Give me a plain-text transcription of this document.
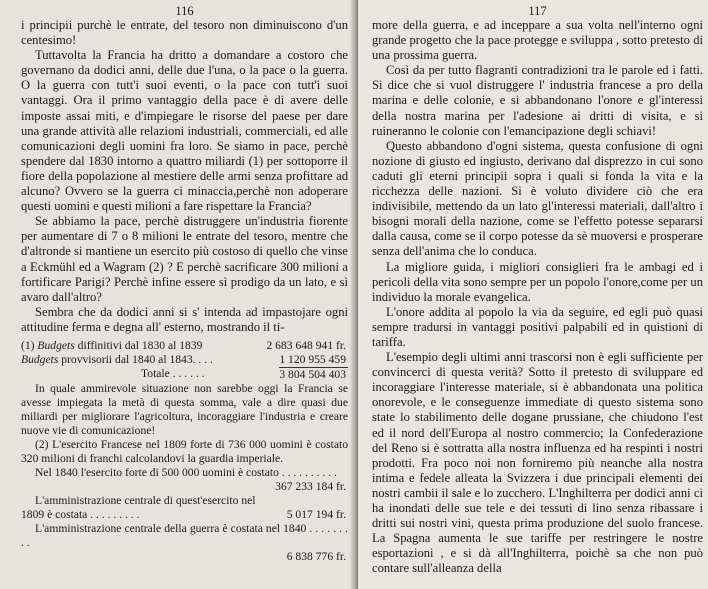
116

i principii purchè le entrate, del tesoro non diminuiscono d'un centesimo!

Tuttavolta la Francia ha dritto a domandare a costoro che governano da dodici anni, delle due l'una, o la pace o la guerra. O la guerra con tutt'i suoi eventi, o la pace con tutt'i suoi vantaggi. Ora il primo vantaggio della pace è di avere delle imposte assai miti, e d'impiegare le risorse del paese per dare una grande attività alle relazioni industriali, commerciali, ed alle comunicazioni degli uomini fra loro. Se siamo in pace, perchè spendere dal 1830 intorno a quattro miliardi (1) per sottoporre il fiore della popolazione al mestiere delle armi senza profittare ad alcuno? Ovvero se la guerra ci minaccia,perchè non adoperare questi uomini e questi milioni a fare rispettare la Francia?

Se abbiamo la pace, perchè distruggere un'industria fiorente per aumentare di 7 o 8 milioni le entrate del tesoro, mentre che d'altronde si mantiene un esercito più costoso di quello che vinse a Eckmühl ed a Wagram (2) ? E perchè sacrificare 300 milioni a fortificare Parigi? Perchè infine essere sì prodigo da un lato, e sì avaro dall'altro?

Sembra che da dodici anni si s' intenda ad impastojare ogni attitudine ferma e degna all' esterno, mostrando il ti-

(1) Budgets diffinitivi dal 1830 al 1839	2 683 648 941 fr.
Budgets provvisorii dal 1840 al 1843. . . .	1 120 955 459
Totale . . . . . .	3 804 504 403

In quale ammirevole situazione non sarebbe oggi la Francia se avesse impiegata la metà di questa somma, vale a dire quasi due miliardi per migliorare l'agricoltura, incoraggiare l'industria e creare nuove vie di comunicazione!

(2) L'esercito Francese nel 1809 forte di 736 000 uomini è costato 320 milioni di franchi calcolandovi la guardia imperiale.

Nel 1840 l'esercito forte di 500 000 uomini è costato . . . . . . . . . .
367 233 184 fr.

L'amministrazione centrale di quest'esercito nel

1809 è costata . . . . . . . . .	5 017 194 fr.

L'amministrazione centrale della guerra è costata nel 1840 . . . . . . . . .

6 838 776 fr.
117

more della guerra, e ad inceppare a sua volta nell'interno ogni grande progetto che la pace protegge e sviluppa , sotto pretesto di una prossima guerra.

Così da per tutto flagranti contradizioni tra le parole ed i fatti. Si dice che si vuol distruggere l' industria francese a pro della marina e delle colonie, e si abbandonano l'onore e gl'interessi della nostra marina per l'adesione ai dritti di visita, e si ruineranno le colonie con l'emancipazione degli schiavi!

Questo abbandono d'ogni sistema, questa confusione di ogni nozione di giusto ed ingiusto, derivano dal disprezzo in cui sono caduti gli eterni principii sopra i quali si fonda la vita e la ricchezza delle nazioni. Si è voluto dividere ciò che era indivisibile, mettendo da un lato gl'interessi materiali, dall'altro i bisogni morali della nazione, come se l'effetto potesse separarsi dalla causa, come se il corpo potesse da sè muoversi e prosperare senza dell'anima che lo conduca.

La migliore guida, i migliori consiglieri fra le ambagi ed i pericoli della vita sono sempre per un popolo l'onore,come per un individuo la morale evangelica.

L'onore addita al popolo la via da seguire, ed egli può quasi sempre tradursi in vantaggi positivi palpabili ed in quistioni di tariffa.

L'esempio degli ultimi anni trascorsi non è egli sufficiente per convincerci di questa verità? Sotto il pretesto di sviluppare ed incoraggiare l'interesse materiale, si è abbandonata una politica onorevole, e le conseguenze immediate di questo sistema sono state lo stabilimento delle dogane prussiane, che chiudono l'est ed il nord dell'Europa al nostro commercio; la Confederazione del Reno si è sottratta alla nostra influenza ed ha respinti i nostri prodotti. Fra poco noi non forniremo più neanche alla nostra intima e fedele alleata la Svizzera i due principali elementi dei nostri cambii il sale e lo zucchero. L'Inghilterra per dodici anni ci ha inondati delle sue tele e dei tessuti di lino senza ribassare i dritti sui nostri vini, questa prima produzione del suolo francese. La Spagna aumenta le sue tariffe per restringere le nostre esportazioni , e si dà all'Inghilterra, poichè sa che non può contare sull'alleanza della
